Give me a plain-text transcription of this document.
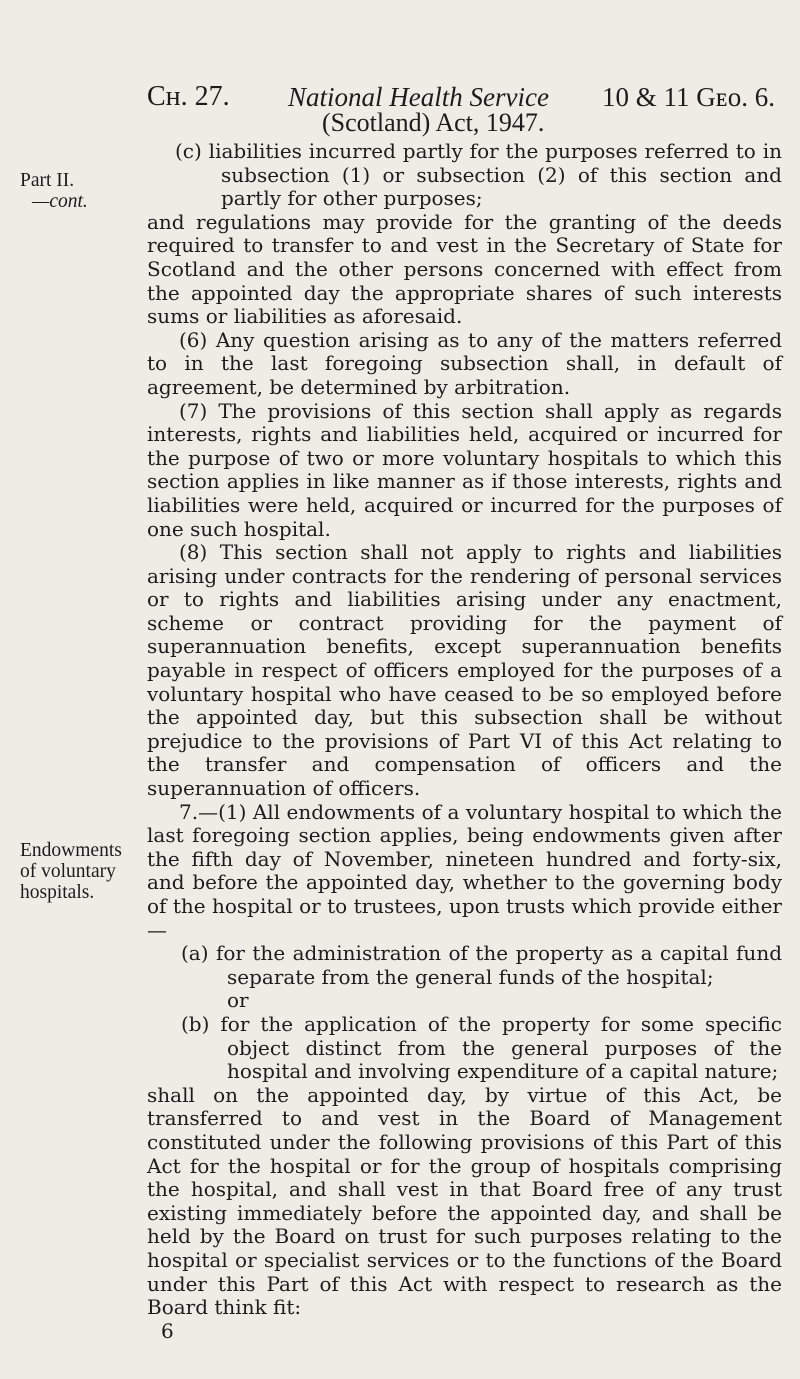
Cʜ. 27. National Health Service 10 & 11 Gᴇᴏ. 6.
(Scotland) Act, 1947.
Part II.
—cont.
Endowments
of voluntary
hospitals.

(c) liabilities incurred partly for the purposes referred to in subsection (1) or subsection (2) of this section and partly for other purposes;

and regulations may provide for the granting of the deeds required to transfer to and vest in the Secretary of State for Scotland and the other persons concerned with effect from the appointed day the appropriate shares of such interests sums or liabilities as aforesaid.

(6) Any question arising as to any of the matters referred to in the last foregoing subsection shall, in default of agreement, be determined by arbitration.

(7) The provisions of this section shall apply as regards interests, rights and liabilities held, acquired or incurred for the purpose of two or more voluntary hospitals to which this section applies in like manner as if those interests, rights and liabilities were held, acquired or incurred for the purposes of one such hospital.

(8) This section shall not apply to rights and liabilities arising under contracts for the rendering of personal services or to rights and liabilities arising under any enactment, scheme or contract providing for the payment of superannuation benefits, except superannuation benefits payable in respect of officers employed for the purposes of a voluntary hospital who have ceased to be so employed before the appointed day, but this subsection shall be without prejudice to the provisions of Part VI of this Act relating to the transfer and compensation of officers and the superannuation of officers.

7.—(1) All endowments of a voluntary hospital to which the last foregoing section applies, being endowments given after the fifth day of November, nineteen hundred and forty-six, and before the appointed day, whether to the governing body of the hospital or to trustees, upon trusts which provide either—

(a) for the administration of the property as a capital fund separate from the general funds of the hospital;

or

(b) for the application of the property for some specific object distinct from the general purposes of the hospital and involving expenditure of a capital nature;

shall on the appointed day, by virtue of this Act, be transferred to and vest in the Board of Management constituted under the following provisions of this Part of this Act for the hospital or for the group of hospitals comprising the hospital, and shall vest in that Board free of any trust existing immediately before the appointed day, and shall be held by the Board on trust for such purposes relating to the hospital or specialist services or to the functions of the Board under this Part of this Act with respect to research as the Board think fit:

6
